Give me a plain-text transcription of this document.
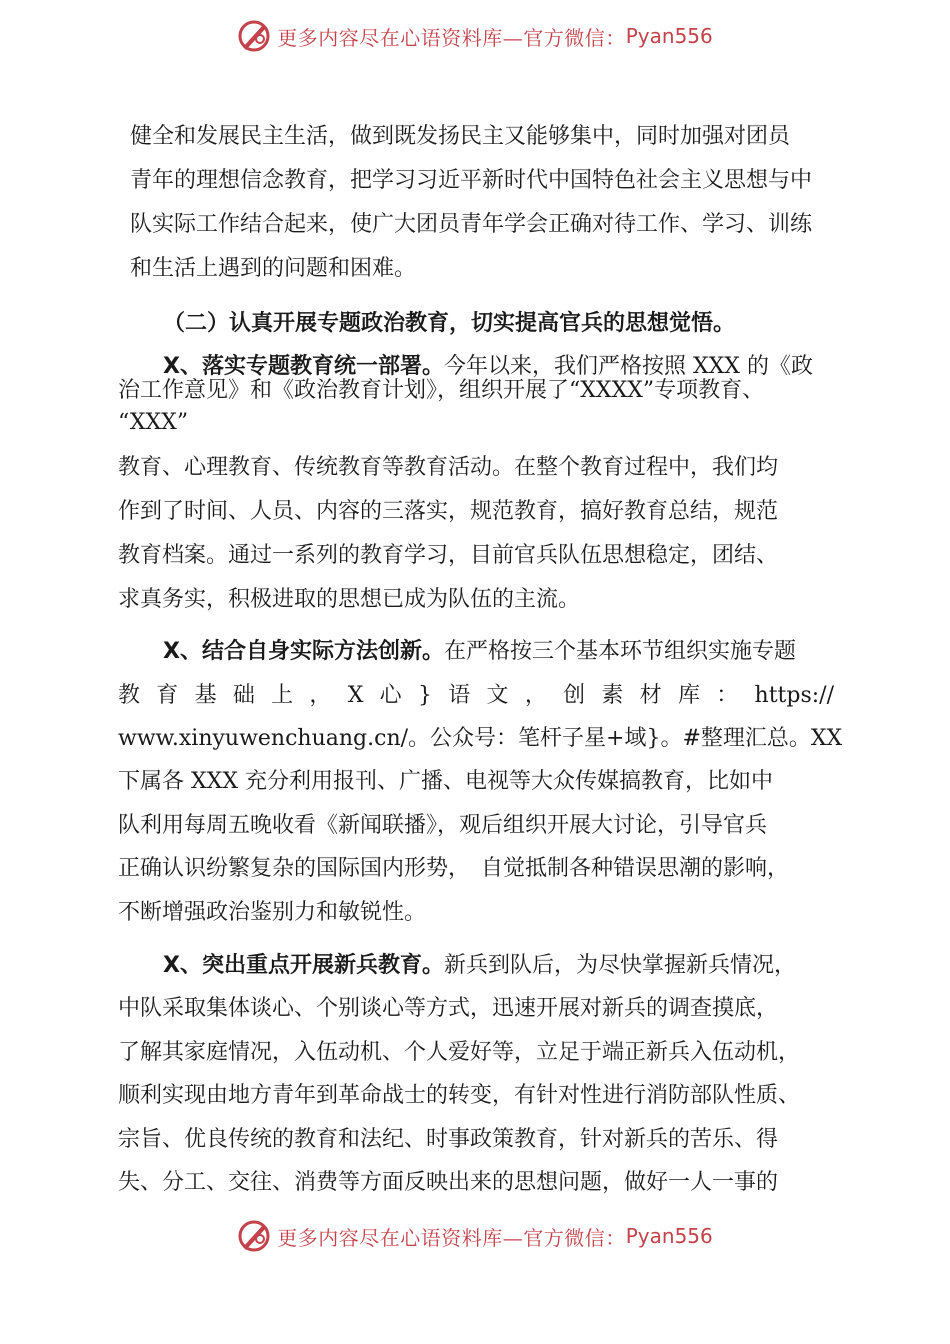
更多内容尽在心语资料库—官方微信： Pyan556
健全和发展民主生活，做到既发扬民主又能够集中，同时加强对团员
青年的理想信念教育，把学习习近平新时代中国特色社会主义思想与中
队实际工作结合起来，使广大团员青年学会正确对待工作、学习、训练
和生活上遇到的问题和困难。
（二）认真开展专题政治教育，切实提高官兵的思想觉悟。
X、落实专题教育统一部署。今年以来，我们严格按照 XXX 的《政
治工作意见》和《政治教育计划》，组织开展了“XXXX”专项教育、
“XXX”
教育、心理教育、传统教育等教育活动。在整个教育过程中，我们均
作到了时间、人员、内容的三落实，规范教育，搞好教育总结，规范
教育档案。通过一系列的教育学习，目前官兵队伍思想稳定，团结、
求真务实，积极进取的思想已成为队伍的主流。
X、结合自身实际方法创新。在严格按三个基本环节组织实施专题
教育基础上，X心}语文，创素材库：https://
www.xinyuwenchuang.cn/。公众号：笔杆子星+域}。#整理汇总。XX
下属各 XXX 充分利用报刊、广播、电视等大众传媒搞教育，比如中
队利用每周五晚收看《新闻联播》，观后组织开展大讨论，引导官兵
正确认识纷繁复杂的国际国内形势，　自觉抵制各种错误思潮的影响，
不断增强政治鉴别力和敏锐性。
X、突出重点开展新兵教育。新兵到队后，为尽快掌握新兵情况，
中队采取集体谈心、个别谈心等方式，迅速开展对新兵的调查摸底，
了解其家庭情况，入伍动机、个人爱好等，立足于端正新兵入伍动机，
顺利实现由地方青年到革命战士的转变，有针对性进行消防部队性质、
宗旨、优良传统的教育和法纪、时事政策教育，针对新兵的苦乐、得
失、分工、交往、消费等方面反映出来的思想问题，做好一人一事的
更多内容尽在心语资料库—官方微信： Pyan556
